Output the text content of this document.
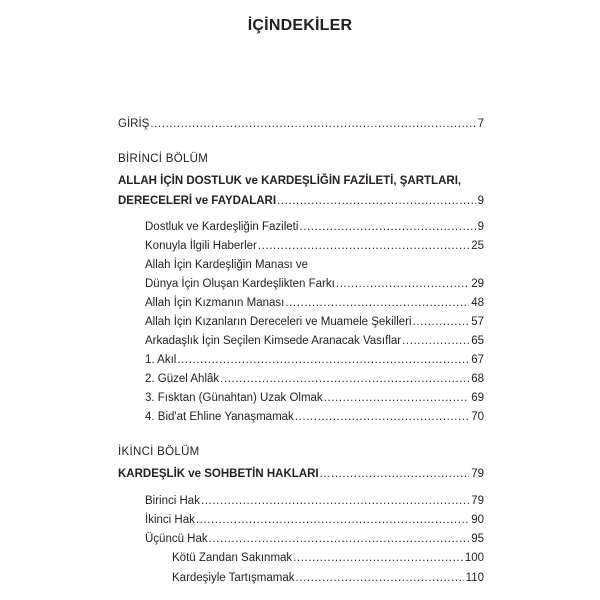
İÇİNDEKİLER
GİRİŞ .....	7
BİRİNCİ BÖLÜM
ALLAH İÇİN DOSTLUK ve KARDEŞLİĞİN FAZİLETİ, ŞARTLARI,
DERECELERİ ve FAYDALARI .....	9
Dostluk ve Kardeşliğin Fazileti .....	9
Konuyla İlgili Haberler .....	25
Allah İçin Kardeşliğin Manası ve
Dünya İçin Oluşan Kardeşlikten Farkı .....	29
Allah İçin Kızmanın Manası .....	48
Allah İçin Kızanların Dereceleri ve Muamele Şekilleri .....	57
Arkadaşlık İçin Seçilen Kimsede Aranacak Vasıflar .....	65
1. Akıl .....	67
2. Güzel Ahlâk .....	68
3. Fısktan (Günahtan) Uzak Olmak .....	69
4. Bid'at Ehline Yanaşmamak .....	70
İKİNCİ BÖLÜM
KARDEŞLİK ve SOHBETİN HAKLARI .....	79
Birinci Hak .....	79
İkinci Hak .....	90
Üçüncü Hak .....	95
Kötü Zandan Sakınmak .....	100
Kardeşiyle Tartışmamak .....	110
